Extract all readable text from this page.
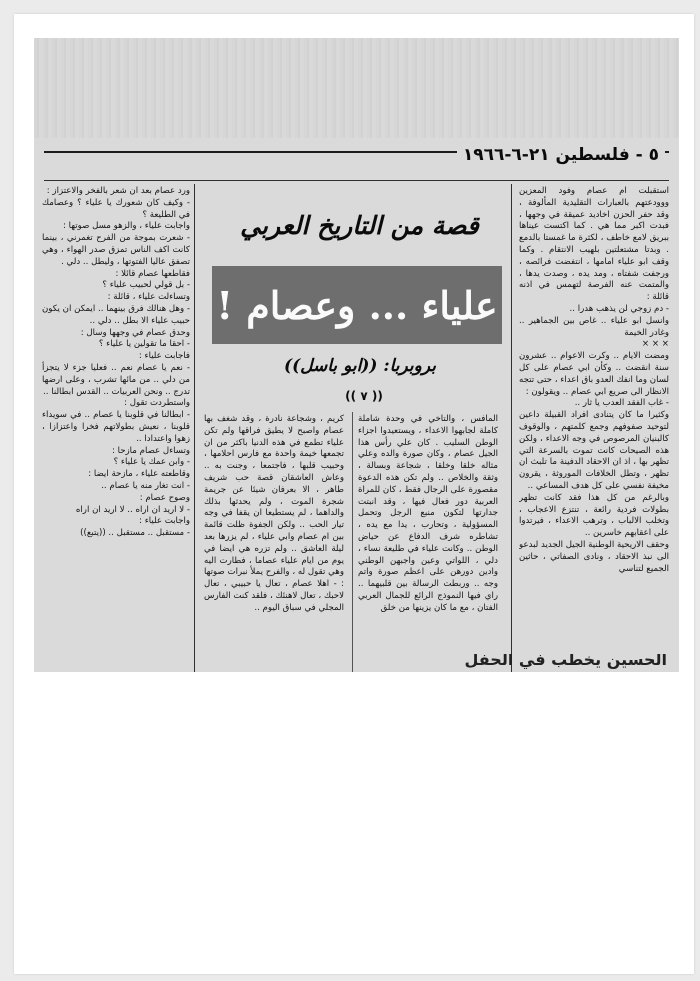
٥ - فلسطين ٢١-٦-١٩٦٦

استقبلت ام عصام وفود المعزين ووودعتهم بالعبارات التقليدية المألوفة ، وقد حفر الحزن اخاديد عميقة في وجهها ، فبدت اكبر مما هي . كما اكتست عيناها ببريق لامع خاطف ، لكثرة ما غمستا بالدمع . وبدتا مشتعلتين بلهيب الانتقام . وكما وقف ابو علياء امامها ، انتفضت فرائصه ، ورجفت شفتاه ، ومد يده ، وصدت يدها ، والمتمت عنه الفرصة لتهمس في اذنه قائلة :
- دم زوجي لن يذهب هدرا ..
وانسل ابو علياء .. غاص بين الجماهير .. وغادر الخيمة
× × ×
ومضت الايام .. وكرت الاعوام .. عشرون سنة انقضت .. وكأن ابي عصام على كل لسان وما انفك العدو باق اعداء ، حتى تتجه الانظار الى صريع ابي عصام .. ويقولون :
- غاب الفقد العدب يا ثار ..
وكثيرا ما كان يتنادى افراد القبيلة داعين لتوحيد صفوفهم وجمع كلمتهم ، والوقوف كالبنيان المرصوص في وجه الاعداء ، ولكن هذه الصيحات كانت تموت بالسرعة التي تظهر بها ، اذ ان الاحقاد الدفينة ما تلبث ان تظهر ، وتطل الخلافات الموروثة ، يقرون مخيفة نفسي على كل هدف المساعي ..
وبالرغم من كل هذا فقد كانت تظهر بطولات فردية رائعة ، تنتزع الاعجاب ، وتخلب الالباب ، وترهب الاعداء ، فيرتدوا على اعقابهم خاسرين ..
وحقف الاريحية الوطنية الجيل الجديد لبدعو الى نبذ الاحقاد ، ونادى الصفاتي ، حاثين الجميع لتناسي

قصة من التاريخ العربي
علياء ... وعصام !
بروبربا: ((ابو باسل))
(( ٧ ))

المافس ، والتاخي في وحدة شاملة كاملة لجابهوا الاعداء ، ويستعيدوا اجزاء الوطن السليب . كان علي رأس هذا الجيل عصام ، وكان صورة والده وعلي مثاله خلقا وخلقا ، شجاعة وبسالة ، وثقة والخلاص .. ولم تكن هذه الدعوة مقصورة على الرجال فقط ، كان للمراة العربية دور فعال فيها ، وقد انبتت جدارتها لتكون منبع الرجل وتحمل المسؤولية ، وتحارب ، يدا مع يده ، تشاطره شرف الدفاع عن حياض الوطن .. وكانت علياء في طليعة نساء ، دلي ، اللواتي وعين واجبهن الوطني وادين دورهن على اعظم صورة واتم وجه .. وربطت الرسالة بين قلبيهما .. راي فيها النموذج الرائع للجمال العربي الفتان ، مع ما كان يزينها من خلق

كريم ، وشجاعة نادرة ، وقد شغف بها عصام واصبح لا يطيق فراقها ولم تكن علياء تطمع في هذه الدنيا باكثر من ان تجمعها خيمة واحدة مع فارس احلامها ، وحبيب قلبها ، فاجتمعا ، وجنت به .. وعاش العاشقان قصة حب شريف طاهر ، الا بعرفان شيئا عن جريمة شجرة الموت ، ولم يحدثها بذلك والداهما ، لم يستطيعا ان يقفا في وجه تيار الحب .. ولكن الجفوة ظلت قائمة بين ام عصام وابي علياء ، لم يزرها بعد ليلة العاشق .. ولم تزره هي ايضا في يوم من ايام علياء عصاما ، فطارت اليه وهي تقول له ، والفرح يملأ نبرات صوتها : - اهلا عصام ، تعال يا حبيبي ، تعال لاحبك ، تعال لاهنئك ، فلقد كنت الفارس المجلي في سباق اليوم ..

ورد عصام بعد ان شعر بالفخر والاعتزاز :
- وكيف كان شعورك يا علياء ؟ وعصامك في الطليعة ؟
واجابت علياء ، والزهو مسل صوتها :
- شعرت بموجة من الفرح تغمرني ، بينما كانت اكف الناس تمزق صدر الهواء ، وهي تصفق عاليا الفتوتها ، وليطل .. دلي .
فقاطعها عصام قائلا :
- بل قولي لحبيب علياء ؟
وتساءلت علياء ، قائلة :
- وهل هنالك فرق بينهما .. ايمكن ان يكون حبيب علياء الا بطل .. دلي ..
وحدق عصام في وجهها وسال :
- احقا ما تقولين يا علياء ؟
فاجابت علياء :
- نعم يا عصام نعم .. فعليا جزء لا يتجزأ من دلي .. من مائها تشرب ، وعلى ارضها تدرج .. ونحن العربيات .. القدس ابطالنا ..
واستطردت تقول :
- ابطالنا في قلوبنا يا عصام .. في سويداء قلوبنا ، نعيش بطولاتهم فخرا واعتزازا ، زهوا واعتدادا ..
وتساءل عصام مازحا :
- وابن عمك يا علياء ؟
وقاطعته علياء ، مازحة ايضا :
- انت تغار منه يا عصام ..
وصوح عصام :
- لا اريد ان اراه .. لا اريد ان اراه
واجابت علياء :
- مستقبل .. مستقبل .. ((يتبع))

الحسين يخطب في الحفل
